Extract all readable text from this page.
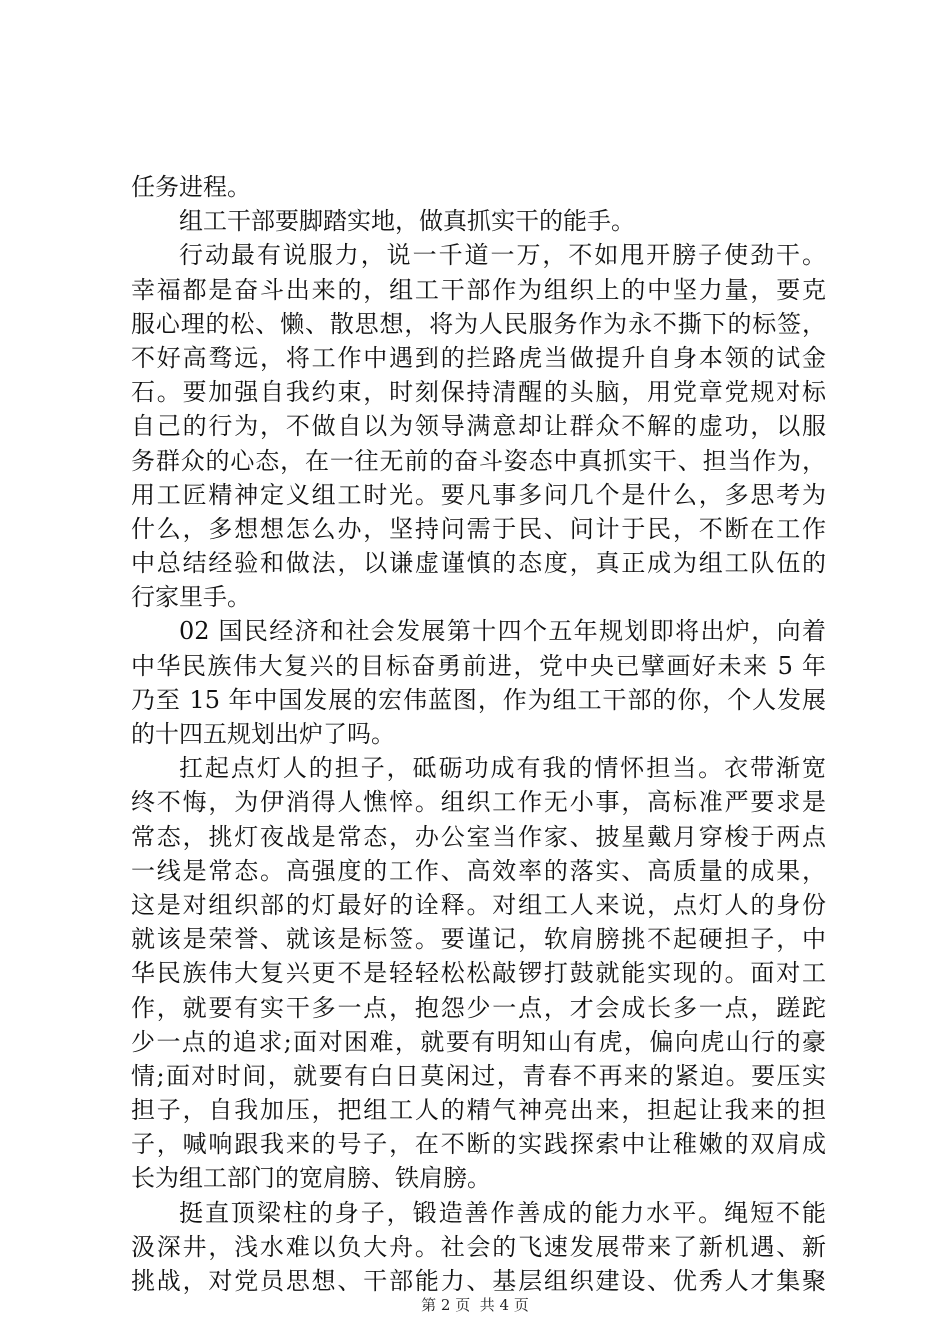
任务进程。
组工干部要脚踏实地，做真抓实干的能手。
行动最有说服力，说一千道一万，不如甩开膀子使劲干。
幸福都是奋斗出来的，组工干部作为组织上的中坚力量，要克
服心理的松、懒、散思想，将为人民服务作为永不撕下的标签，
不好高骛远，将工作中遇到的拦路虎当做提升自身本领的试金
石。要加强自我约束，时刻保持清醒的头脑，用党章党规对标
自己的行为，不做自以为领导满意却让群众不解的虚功，以服
务群众的心态，在一往无前的奋斗姿态中真抓实干、担当作为，
用工匠精神定义组工时光。要凡事多问几个是什么，多思考为
什么，多想想怎么办，坚持问需于民、问计于民，不断在工作
中总结经验和做法，以谦虚谨慎的态度，真正成为组工队伍的
行家里手。
02 国民经济和社会发展第十四个五年规划即将出炉，向着
中华民族伟大复兴的目标奋勇前进，党中央已擘画好未来 5 年
乃至 15 年中国发展的宏伟蓝图，作为组工干部的你，个人发展
的十四五规划出炉了吗。
扛起点灯人的担子，砥砺功成有我的情怀担当。衣带渐宽
终不悔，为伊消得人憔悴。组织工作无小事，高标准严要求是
常态，挑灯夜战是常态，办公室当作家、披星戴月穿梭于两点
一线是常态。高强度的工作、高效率的落实、高质量的成果，
这是对组织部的灯最好的诠释。对组工人来说，点灯人的身份
就该是荣誉、就该是标签。要谨记，软肩膀挑不起硬担子，中
华民族伟大复兴更不是轻轻松松敲锣打鼓就能实现的。面对工
作，就要有实干多一点，抱怨少一点，才会成长多一点，蹉跎
少一点的追求;面对困难，就要有明知山有虎，偏向虎山行的豪
情;面对时间，就要有白日莫闲过，青春不再来的紧迫。要压实
担子，自我加压，把组工人的精气神亮出来，担起让我来的担
子，喊响跟我来的号子，在不断的实践探索中让稚嫩的双肩成
长为组工部门的宽肩膀、铁肩膀。
挺直顶梁柱的身子，锻造善作善成的能力水平。绳短不能
汲深井，浅水难以负大舟。社会的飞速发展带来了新机遇、新
挑战，对党员思想、干部能力、基层组织建设、优秀人才集聚
第 2 页 共 4 页
